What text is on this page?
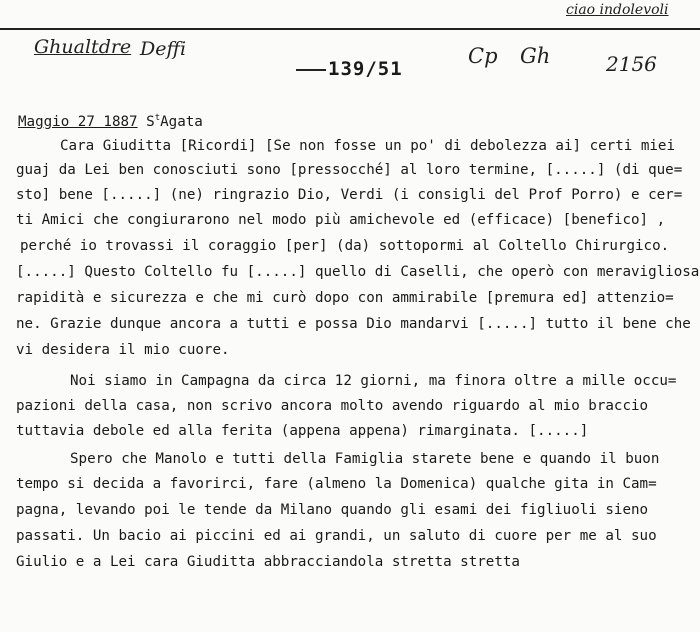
Ghualtdre Deffi	Cp Gh
ciao indolevoli
2156
139/51
Maggio 27 1887 $S^tAgata$
Cara Giuditta [Ricordi] [Se non fosse un po' di debolezza ai] certi miei
guaj da Lei ben conosciuti sono [pressocché] al loro termine, [.....] (di que=
sto] bene [.....] (ne) ringrazio Dio, Verdi (i consigli del Prof Porro) e cer=
ti Amici che congiurarono nel modo più amichevole ed (efficace) [benefico] ,
perché io trovassi il coraggio [per] (da) sottopormi al Coltello Chirurgico.
[.....] Questo Coltello fu [.....] quello di Caselli, che operò con meravigliosa
rapidità e sicurezza e che mi curò dopo con ammirabile [premura ed] attenzio=
ne. Grazie dunque ancora a tutti e possa Dio mandarvi [.....] tutto il bene che
vi desidera il mio cuore.
Noi siamo in Campagna da circa 12 giorni, ma finora oltre a mille occu=
pazioni della casa, non scrivo ancora molto avendo riguardo al mio braccio
tuttavia debole ed alla ferita (appena appena) rimarginata. [.....]
Spero che Manolo e tutti della Famiglia starete bene e quando il buon
tempo si decida a favorirci, fare (almeno la Domenica) qualche gita in Cam=
pagna, levando poi le tende da Milano quando gli esami dei figliuoli sieno
passati. Un bacio ai piccini ed ai grandi, un saluto di cuore per me al suo
Giulio e a Lei cara Giuditta abbracciandola stretta stretta
